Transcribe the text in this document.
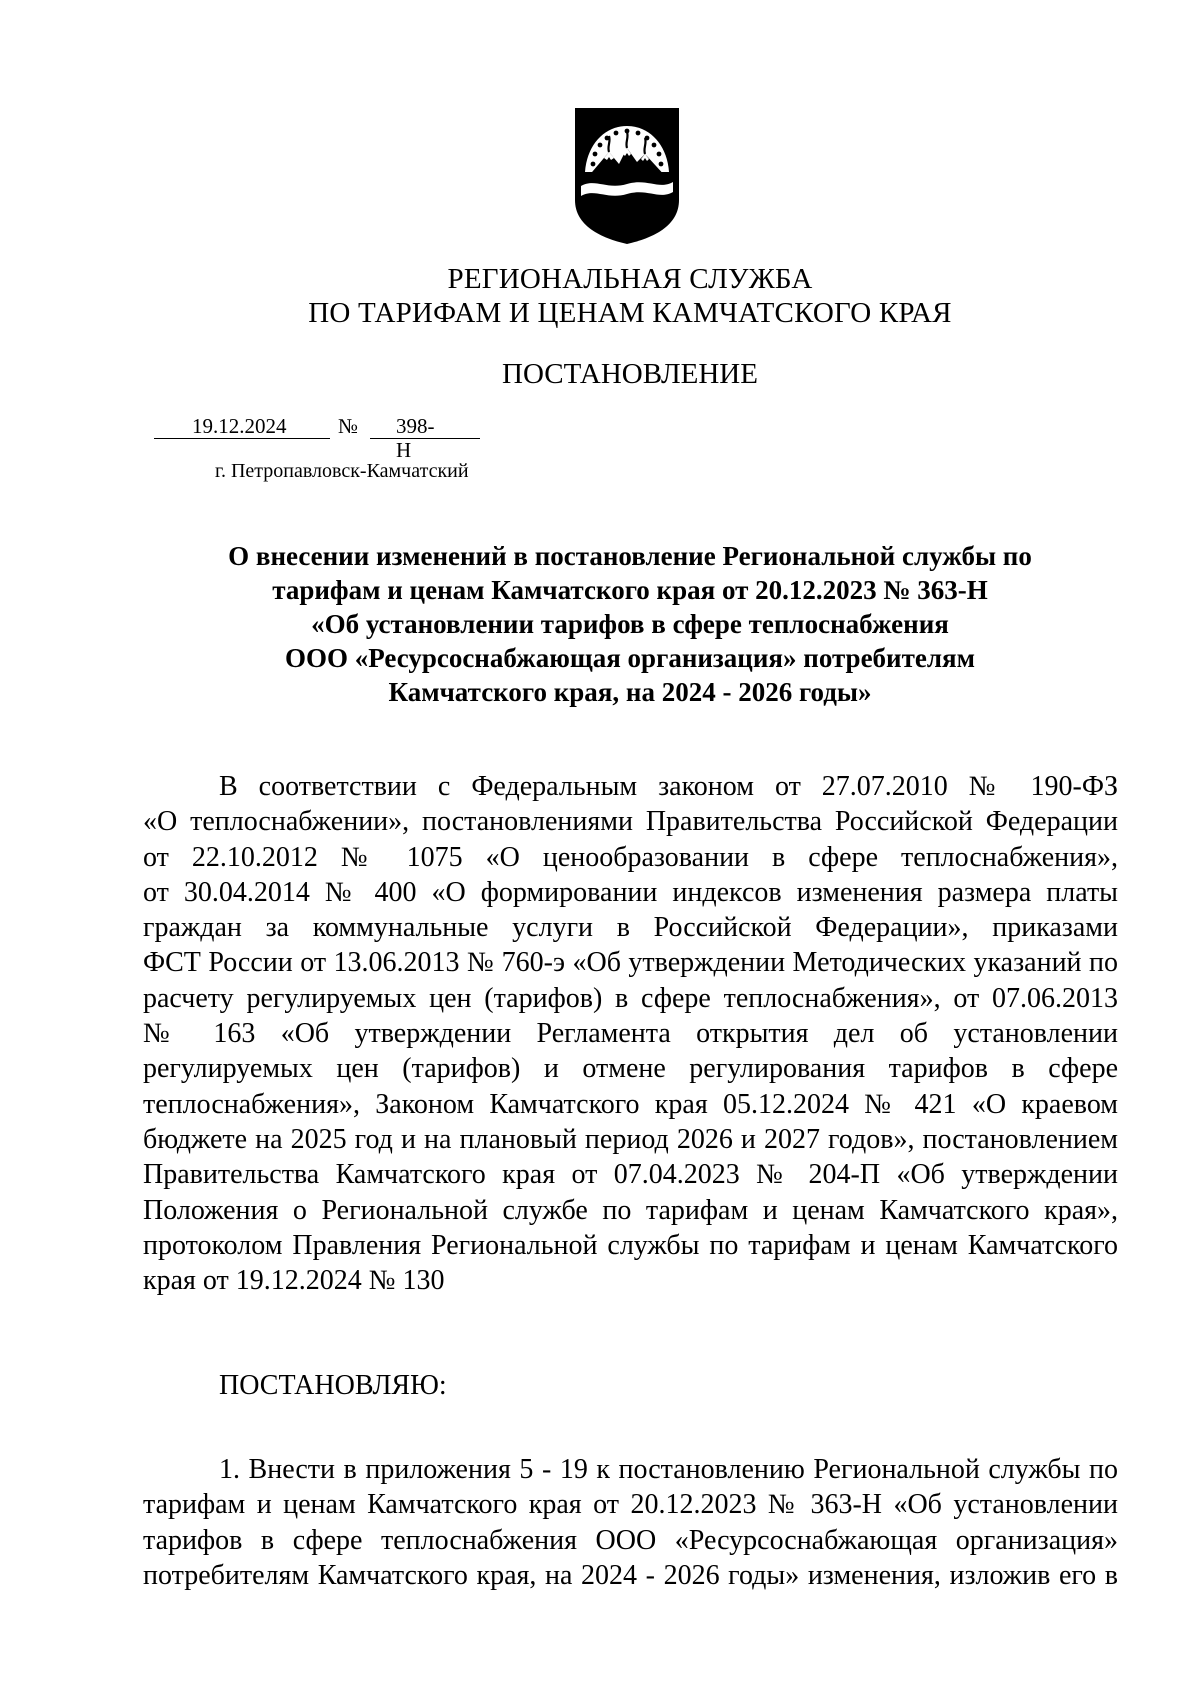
РЕГИОНАЛЬНАЯ СЛУЖБА
ПО ТАРИФАМ И ЦЕНАМ КАМЧАТСКОГО КРАЯ
ПОСТАНОВЛЕНИЕ
19.12.2024 № 398-Н
г. Петропавловск-Камчатский
О внесении изменений в постановление Региональной службы по
тарифам и ценам Камчатского края от 20.12.2023 № 363-Н
«Об установлении тарифов в сфере теплоснабжения
ООО «Ресурсоснабжающая организация» потребителям
Камчатского края, на 2024 - 2026 годы»
В соответствии с Федеральным законом от 27.07.2010 № 190-ФЗ
«О теплоснабжении», постановлениями Правительства Российской Федерации
от 22.10.2012 № 1075 «О ценообразовании в сфере теплоснабжения»,
от 30.04.2014 № 400 «О формировании индексов изменения размера платы
граждан за коммунальные услуги в Российской Федерации», приказами
ФСТ России от 13.06.2013 № 760-э «Об утверждении Методических указаний по
расчету регулируемых цен (тарифов) в сфере теплоснабжения», от 07.06.2013
№ 163 «Об утверждении Регламента открытия дел об установлении
регулируемых цен (тарифов) и отмене регулирования тарифов в сфере
теплоснабжения», Законом Камчатского края 05.12.2024 № 421 «О краевом
бюджете на 2025 год и на плановый период 2026 и 2027 годов», постановлением
Правительства Камчатского края от 07.04.2023 № 204-П «Об утверждении
Положения о Региональной службе по тарифам и ценам Камчатского края»,
протоколом Правления Региональной службы по тарифам и ценам Камчатского
края от 19.12.2024 № 130
ПОСТАНОВЛЯЮ:
1. Внести в приложения 5 - 19 к постановлению Региональной службы по
тарифам и ценам Камчатского края от 20.12.2023 № 363-Н «Об установлении
тарифов в сфере теплоснабжения ООО «Ресурсоснабжающая организация»
потребителям Камчатского края, на 2024 - 2026 годы» изменения, изложив его в
